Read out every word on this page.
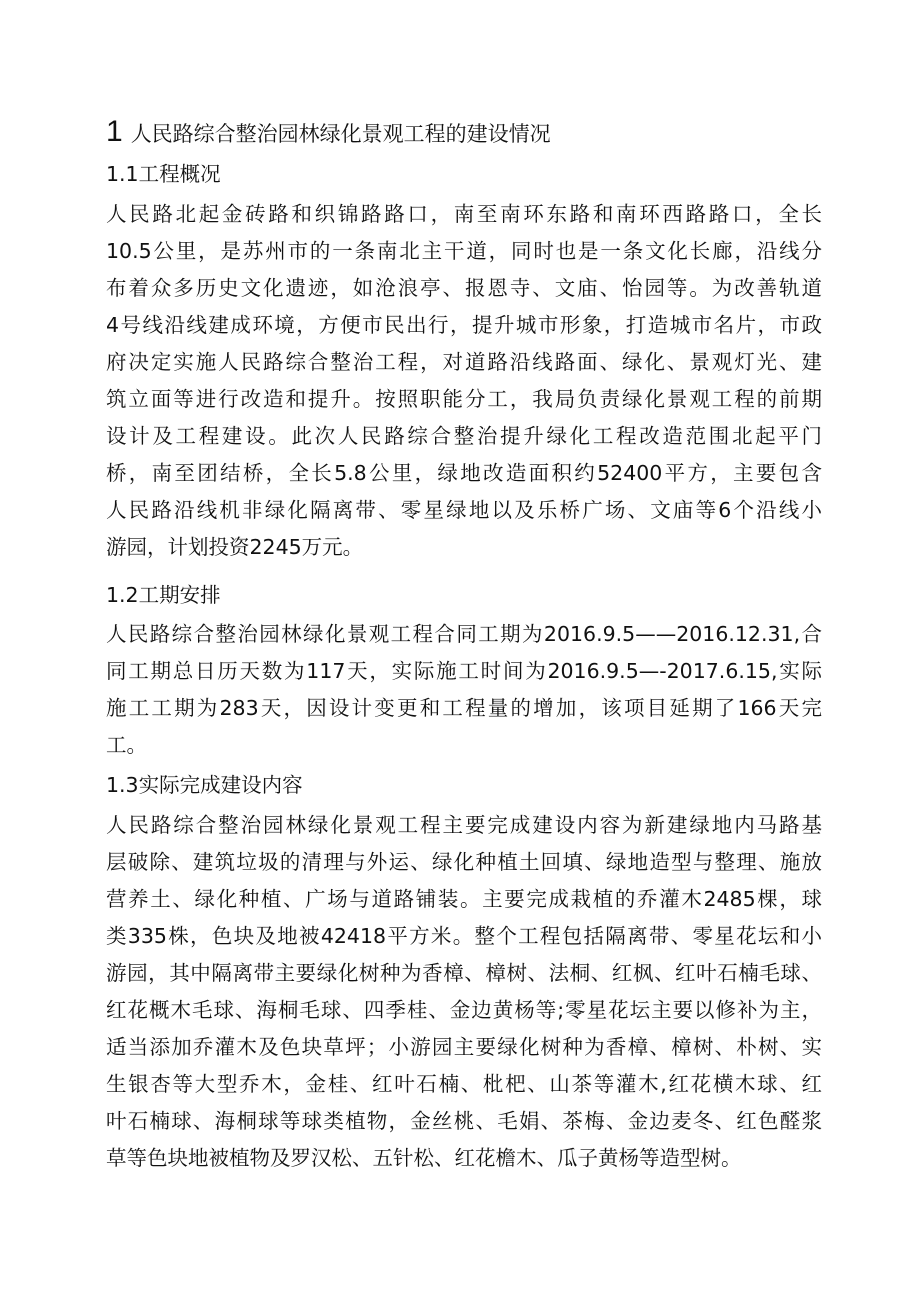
1 人民路综合整治园林绿化景观工程的建设情况
1.1工程概况
人民路北起金砖路和织锦路路口，南至南环东路和南环西路路口，全长
10.5公里，是苏州市的一条南北主干道，同时也是一条文化长廊，沿线分
布着众多历史文化遗迹，如沧浪亭、报恩寺、文庙、怡园等。为改善轨道
4号线沿线建成环境，方便市民出行，提升城市形象，打造城市名片，市政
府决定实施人民路综合整治工程，对道路沿线路面、绿化、景观灯光、建
筑立面等进行改造和提升。按照职能分工，我局负责绿化景观工程的前期
设计及工程建设。此次人民路综合整治提升绿化工程改造范围北起平门
桥，南至团结桥，全长5.8公里，绿地改造面积约52400平方，主要包含
人民路沿线机非绿化隔离带、零星绿地以及乐桥广场、文庙等6个沿线小
游园，计划投资2245万元。
1.2工期安排
人民路综合整治园林绿化景观工程合同工期为2016.9.5——2016.12.31,合
同工期总日历天数为117天，实际施工时间为2016.9.5—-2017.6.15,实际
施工工期为283天，因设计变更和工程量的增加，该项目延期了166天完
工。
1.3实际完成建设内容
人民路综合整治园林绿化景观工程主要完成建设内容为新建绿地内马路基
层破除、建筑垃圾的清理与外运、绿化种植土回填、绿地造型与整理、施放
营养土、绿化种植、广场与道路铺装。主要完成栽植的乔灌木2485棵，球
类335株，色块及地被42418平方米。整个工程包括隔离带、零星花坛和小
游园，其中隔离带主要绿化树种为香樟、樟树、法桐、红枫、红叶石楠毛球、
红花概木毛球、海桐毛球、四季桂、金边黄杨等;零星花坛主要以修补为主，
适当添加乔灌木及色块草坪；小游园主要绿化树种为香樟、樟树、朴树、实
生银杏等大型乔木，金桂、红叶石楠、枇杷、山茶等灌木,红花横木球、红
叶石楠球、海桐球等球类植物，金丝桃、毛娟、茶梅、金边麦冬、红色醛浆
草等色块地被植物及罗汉松、五针松、红花檐木、瓜子黄杨等造型树。
